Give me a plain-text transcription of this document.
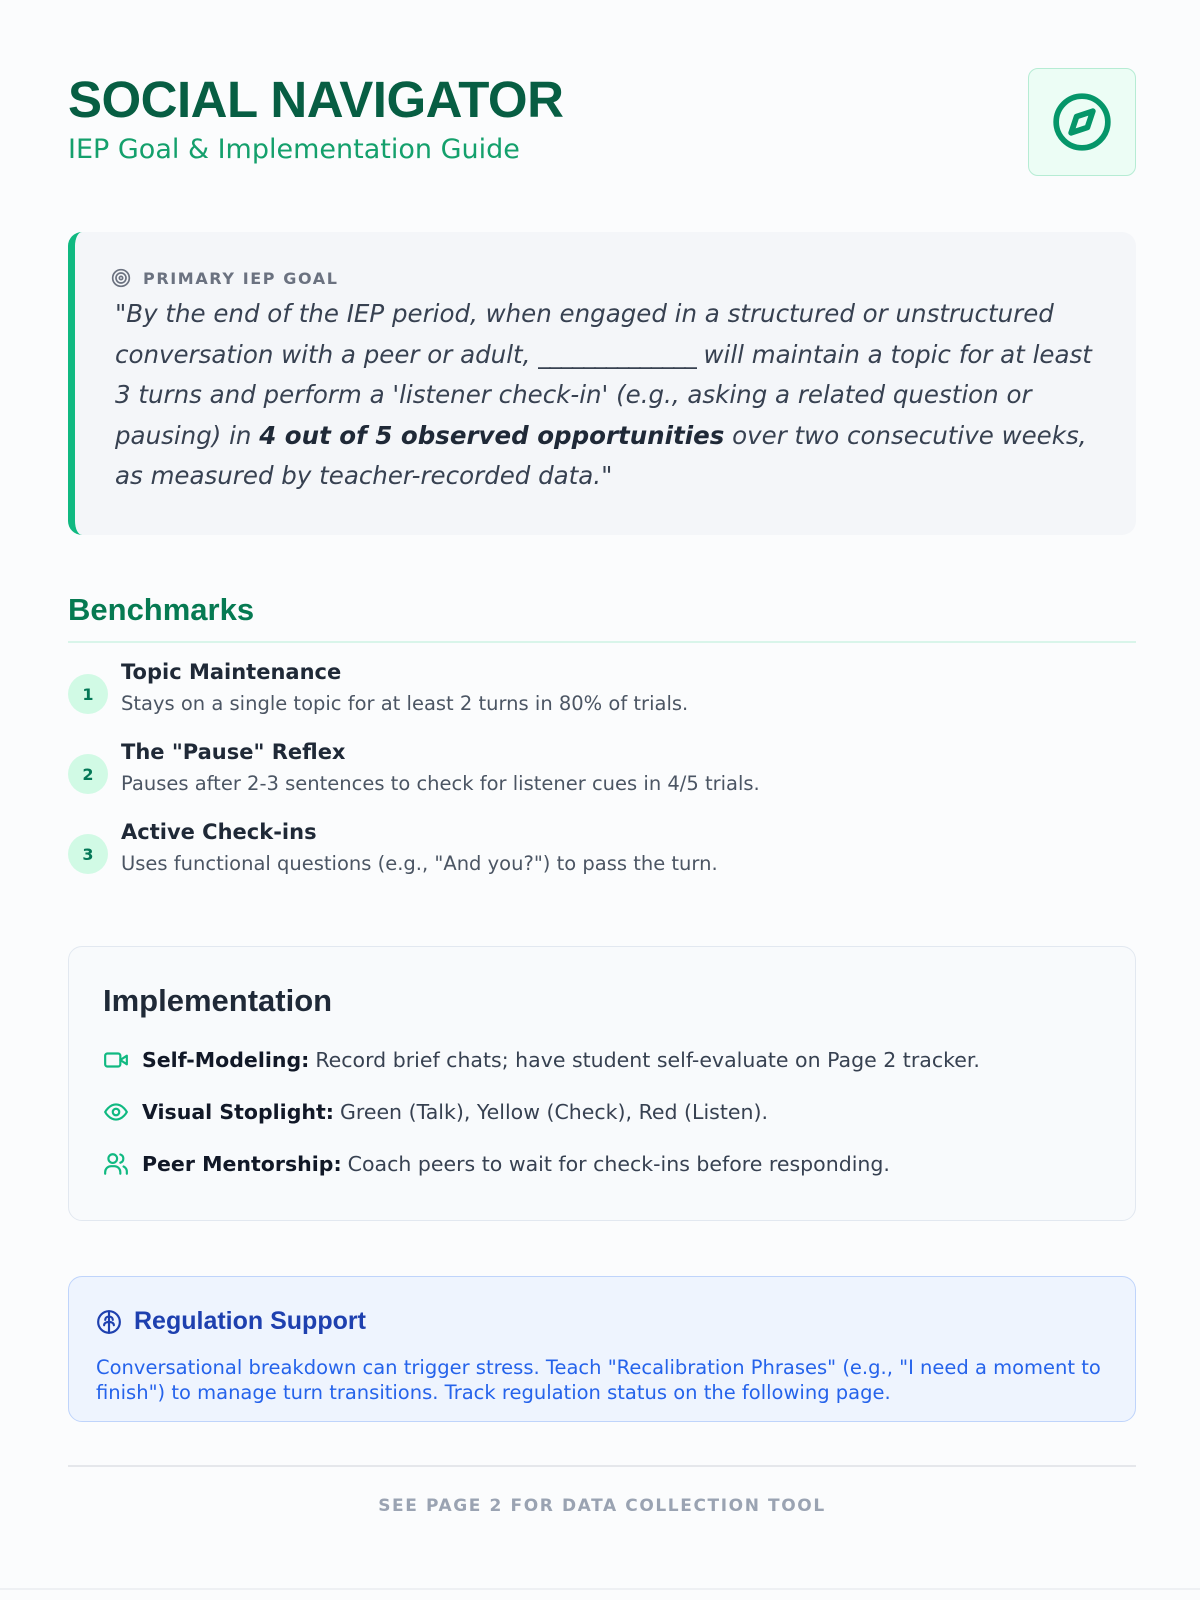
SOCIAL NAVIGATOR

IEP Goal & Implementation Guide

PRIMARY IEP GOAL

"By the end of the IEP period, when engaged in a structured or unstructured conversation with a peer or adult, ______________ will maintain a topic for at least 3 turns and perform a 'listener check-in' (e.g., asking a related question or pausing) in 4 out of 5 observed opportunities over two consecutive weeks, as measured by teacher-recorded data."

Benchmarks
1
Topic Maintenance
Stays on a single topic for at least 2 turns in 80% of trials.
2
The "Pause" Reflex
Pauses after 2-3 sentences to check for listener cues in 4/5 trials.
3
Active Check-ins
Uses functional questions (e.g., "And you?") to pass the turn.
Implementation
Self-Modeling: Record brief chats; have student self-evaluate on Page 2 tracker.
Visual Stoplight: Green (Talk), Yellow (Check), Red (Listen).
Peer Mentorship: Coach peers to wait for check-ins before responding.
Regulation Support

Conversational breakdown can trigger stress. Teach "Recalibration Phrases" (e.g., "I need a moment to finish") to manage turn transitions. Track regulation status on the following page.

SEE PAGE 2 FOR DATA COLLECTION TOOL
